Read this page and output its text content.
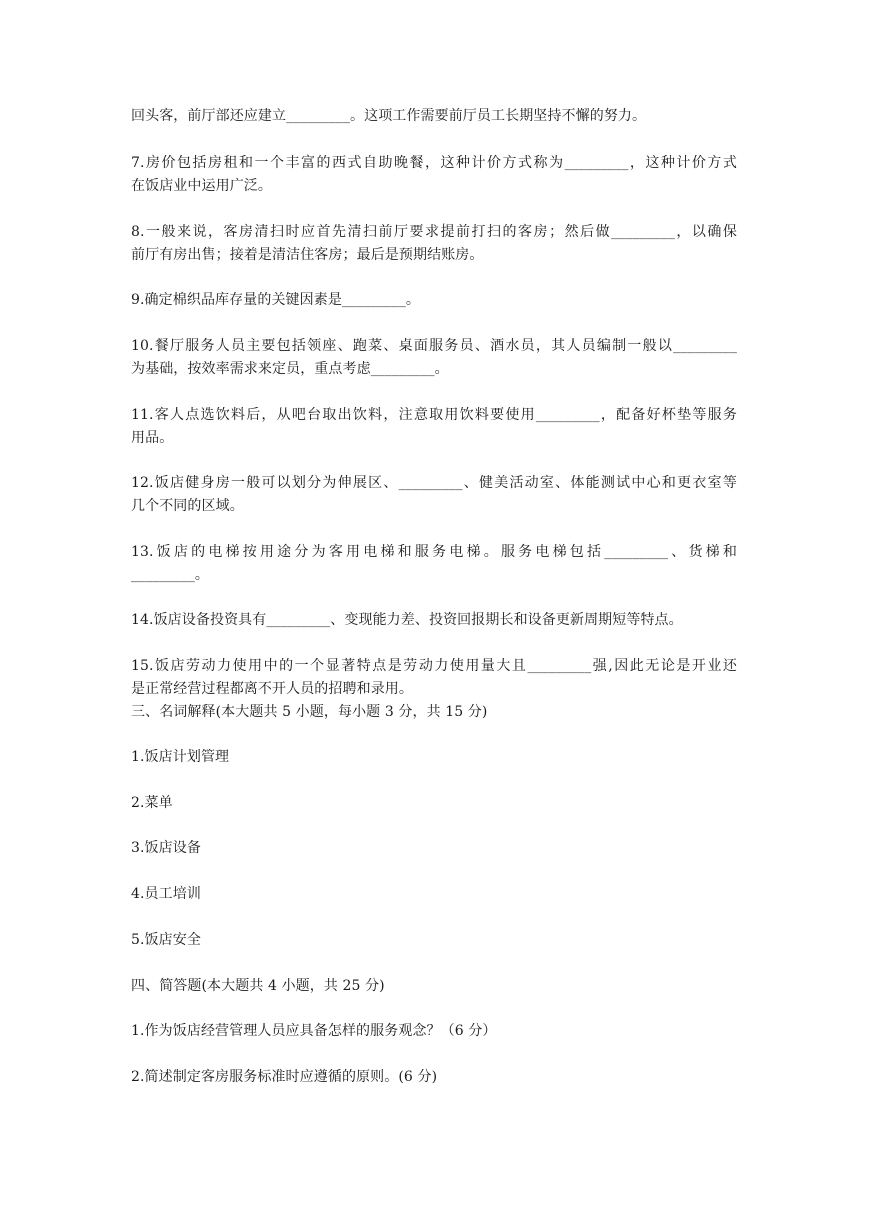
回头客，前厅部还应建立_________。这项工作需要前厅员工长期坚持不懈的努力。
7.房价包括房租和一个丰富的西式自助晚餐，这种计价方式称为_________，这种计价方式
在饭店业中运用广泛。
8.一般来说，客房清扫时应首先清扫前厅要求提前打扫的客房；然后做_________，以确保
前厅有房出售；接着是清洁住客房；最后是预期结账房。
9.确定棉织品库存量的关键因素是_________。
10.餐厅服务人员主要包括领座、跑菜、桌面服务员、酒水员，其人员编制一般以_________
为基础，按效率需求来定员，重点考虑_________。
11.客人点选饮料后，从吧台取出饮料，注意取用饮料要使用_________，配备好杯垫等服务
用品。
12.饭店健身房一般可以划分为伸展区、_________、健美活动室、体能测试中心和更衣室等
几个不同的区域。
13.饭店的电梯按用途分为客用电梯和服务电梯。服务电梯包括_________、货梯和
_________。
14.饭店设备投资具有_________、变现能力差、投资回报期长和设备更新周期短等特点。
15.饭店劳动力使用中的一个显著特点是劳动力使用量大且_________强,因此无论是开业还
是正常经营过程都离不开人员的招聘和录用。
三、名词解释(本大题共 5 小题，每小题 3 分，共 15 分)
1.饭店计划管理
2.菜单
3.饭店设备
4.员工培训
5.饭店安全
四、简答题(本大题共 4 小题，共 25 分)
1.作为饭店经营管理人员应具备怎样的服务观念？（6 分）
2.简述制定客房服务标准时应遵循的原则。(6 分)
